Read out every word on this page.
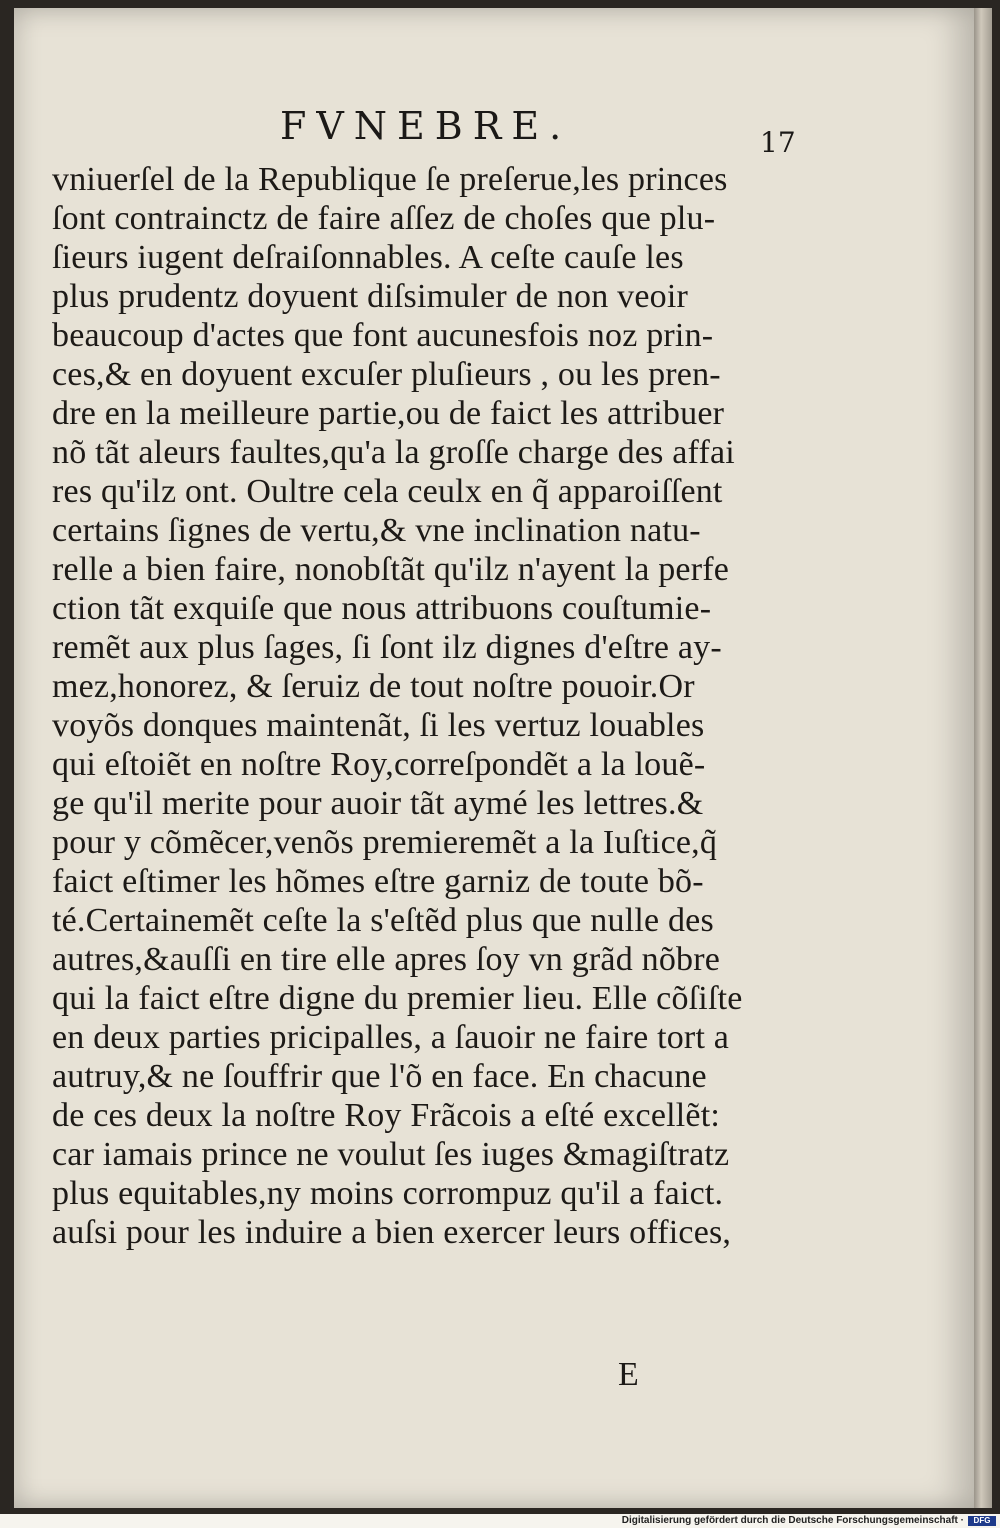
FVNEBRE.	17
vniuerſel de la Republique ſe preſerue,les princes
ſont contrainctz de faire aſſez de choſes que plu-
ſieurs iugent deſraiſonnables. A ceſte cauſe les
plus prudentz doyuent diſsimuler de non veoir
beaucoup d'actes que font aucunesfois noz prin-
ces,& en doyuent excuſer pluſieurs , ou les pren-
dre en la meilleure partie,ou de faict les attribuer
nõ tãt aleurs faultes,qu'a la groſſe charge des affai
res qu'ilz ont. Oultre cela ceulx en q̃ apparoiſſent
certains ſignes de vertu,& vne inclination natu-
relle a bien faire, nonobſtãt qu'ilz n'ayent la perfe
ction tãt exquiſe que nous attribuons couſtumie-
remẽt aux plus ſages, ſi ſont ilz dignes d'eſtre ay-
mez,honorez, & ſeruiz de tout noſtre pouoir.Or
voyõs donques maintenãt, ſi les vertuz louables
qui eſtoiẽt en noſtre Roy,correſpondẽt a la louẽ-
ge qu'il merite pour auoir tãt aymé les lettres.&
pour y cõmẽcer,venõs premieremẽt a la Iuſtice,q̃
faict eſtimer les hõmes eſtre garniz de toute bõ-
té.Certainemẽt ceſte la s'eſtẽd plus que nulle des
autres,&auſſi en tire elle apres ſoy vn grãd nõbre
qui la faict eſtre digne du premier lieu. Elle cõſiſte
en deux parties pricipalles, a ſauoir ne faire tort a
autruy,& ne ſouffrir que l'õ en face. En chacune
de ces deux la noſtre Roy Frãcois a eſté excellẽt:
car iamais prince ne voulut ſes iuges &magiſtratz
plus equitables,ny moins corrompuz qu'il a faict.
auſsi pour les induire a bien exercer leurs offices,
E
Digitalisierung gefördert durch die Deutsche Forschungsgemeinschaft ·	DFG
